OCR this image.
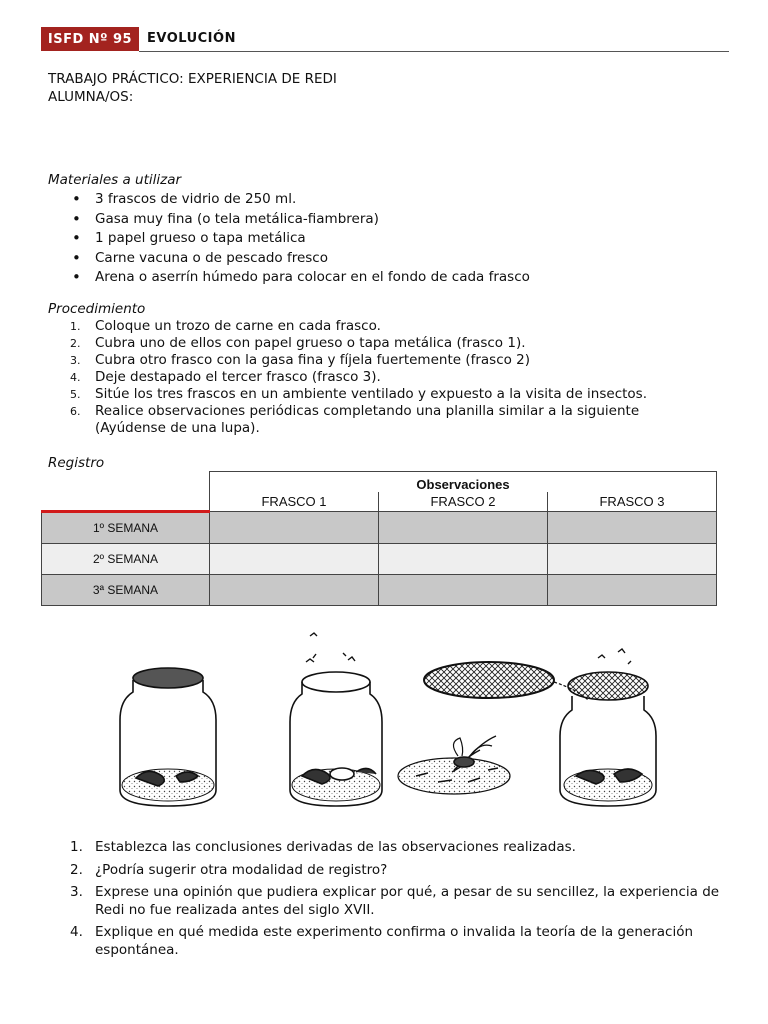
ISFD Nº 95	EVOLUCIÓN
TRABAJO PRÁCTICO: EXPERIENCIA DE REDI
ALUMNA/OS:
Materiales a utilizar
• 3 frascos de vidrio de 250 ml.
• Gasa muy fina (o tela metálica-fiambrera)
• 1 papel grueso o tapa metálica
• Carne vacuna o de pescado fresco
• Arena o aserrín húmedo para colocar en el fondo de cada frasco
Procedimiento
1. Coloque un trozo de carne en cada frasco.
2. Cubra uno de ellos con papel grueso o tapa metálica (frasco 1).
3. Cubra otro frasco con la gasa fina y fíjela fuertemente (frasco 2)
4. Deje destapado el tercer frasco (frasco 3).
5. Sitúe los tres frascos en un ambiente ventilado y expuesto a la visita de insectos.
6. Realice observaciones periódicas completando una planilla similar a la siguiente
(Ayúdense de una lupa).
Registro
	Observaciones		
	FRASCO 1	FRASCO 2	FRASCO 3
1º SEMANA			
2º SEMANA			
3ª SEMANA			
1. Establezca las conclusiones derivadas de las observaciones realizadas.
2. ¿Podría sugerir otra modalidad de registro?
3. Exprese una opinión que pudiera explicar por qué, a pesar de su sencillez, la experiencia de Redi no fue realizada antes del siglo XVII.
4. Explique en qué medida este experimento confirma o invalida la teoría de la generación espontánea.
